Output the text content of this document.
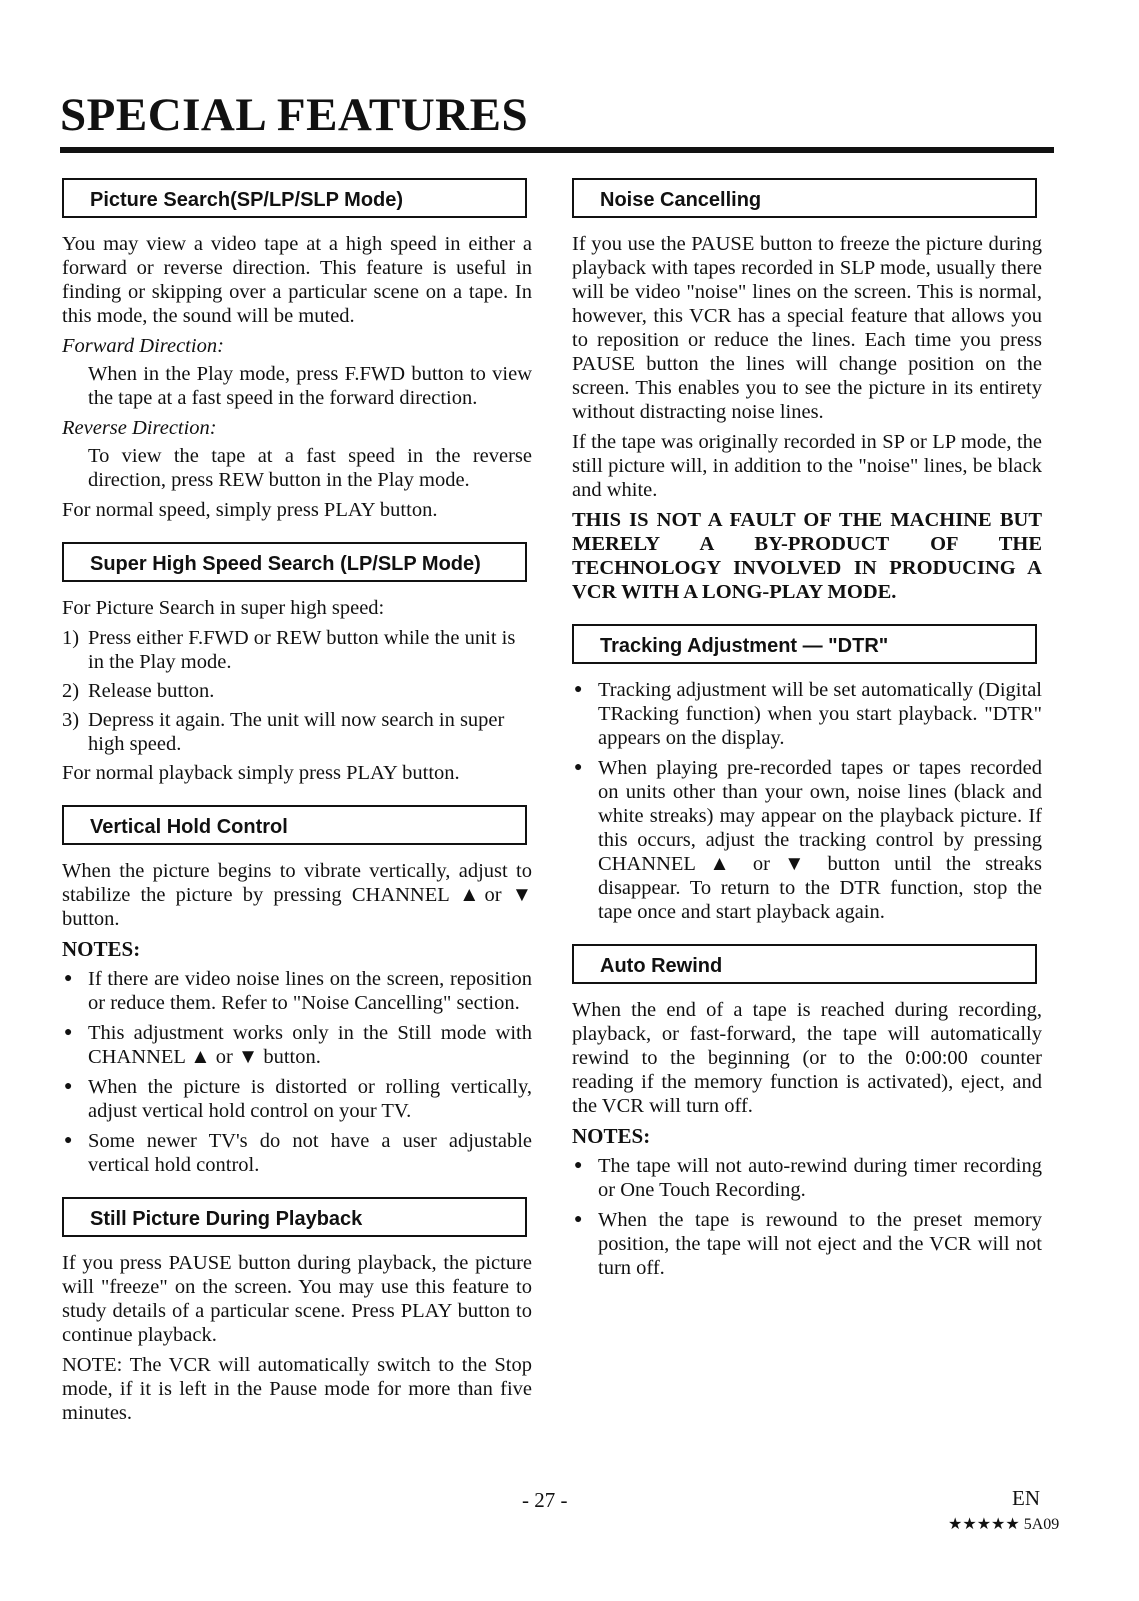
SPECIAL FEATURES
Picture Search(SP/LP/SLP Mode)

You may view a video tape at a high speed in either a forward or reverse direction. This feature is useful in finding or skipping over a particular scene on a tape. In this mode, the sound will be muted.

Forward Direction:
When in the Play mode, press F.FWD button to view the tape at a fast speed in the forward direction.
Reverse Direction:
To view the tape at a fast speed in the reverse direction, press REW button in the Play mode.

For normal speed, simply press PLAY button.

Super High Speed Search (LP/SLP Mode)

For Picture Search in super high speed:

1) Press either F.FWD or REW button while the unit is in the Play mode.
2) Release button.
3) Depress it again. The unit will now search in super high speed.

For normal playback simply press PLAY button.

Vertical Hold Control

When the picture begins to vibrate vertically, adjust to stabilize the picture by pressing CHANNEL ▲or ▼ button.

NOTES:
● If there are video noise lines on the screen, reposition or reduce them. Refer to "Noise Cancelling" section.
● This adjustment works only in the Still mode with CHANNEL ▲ or ▼ button.
● When the picture is distorted or rolling vertically, adjust vertical hold control on your TV.
● Some newer TV's do not have a user adjustable vertical hold control.
Still Picture During Playback

If you press PAUSE button during playback, the picture will "freeze" on the screen. You may use this feature to study details of a particular scene. Press PLAY button to continue playback.

NOTE: The VCR will automatically switch to the Stop mode, if it is left in the Pause mode for more than five minutes.

Noise Cancelling

If you use the PAUSE button to freeze the picture during playback with tapes recorded in SLP mode, usually there will be video "noise" lines on the screen. This is normal, however, this VCR has a special feature that allows you to reposition or reduce the lines. Each time you press PAUSE button the lines will change position on the screen. This enables you to see the picture in its entirety without distracting noise lines.

If the tape was originally recorded in SP or LP mode, the still picture will, in addition to the "noise" lines, be black and white.

THIS IS NOT A FAULT OF THE MACHINE BUT MERELY A BY-PRODUCT OF THE TECHNOLOGY INVOLVED IN PRODUCING A VCR WITH A LONG-PLAY MODE.

Tracking Adjustment — "DTR"
● Tracking adjustment will be set automatically (Digital TRacking function) when you start playback. "DTR" appears on the display.
● When playing pre-recorded tapes or tapes recorded on units other than your own, noise lines (black and white streaks) may appear on the playback picture. If this occurs, adjust the tracking control by pressing CHANNEL ▲ or ▼ button until the streaks disappear. To return to the DTR function, stop the tape once and start playback again.
Auto Rewind

When the end of a tape is reached during recording, playback, or fast-forward, the tape will automatically rewind to the beginning (or to the 0:00:00 counter reading if the memory function is activated), eject, and the VCR will turn off.

NOTES:
● The tape will not auto-rewind during timer recording or One Touch Recording.
● When the tape is rewound to the preset memory position, the tape will not eject and the VCR will not turn off.
- 27 -	EN
★★★★★ 5A09
